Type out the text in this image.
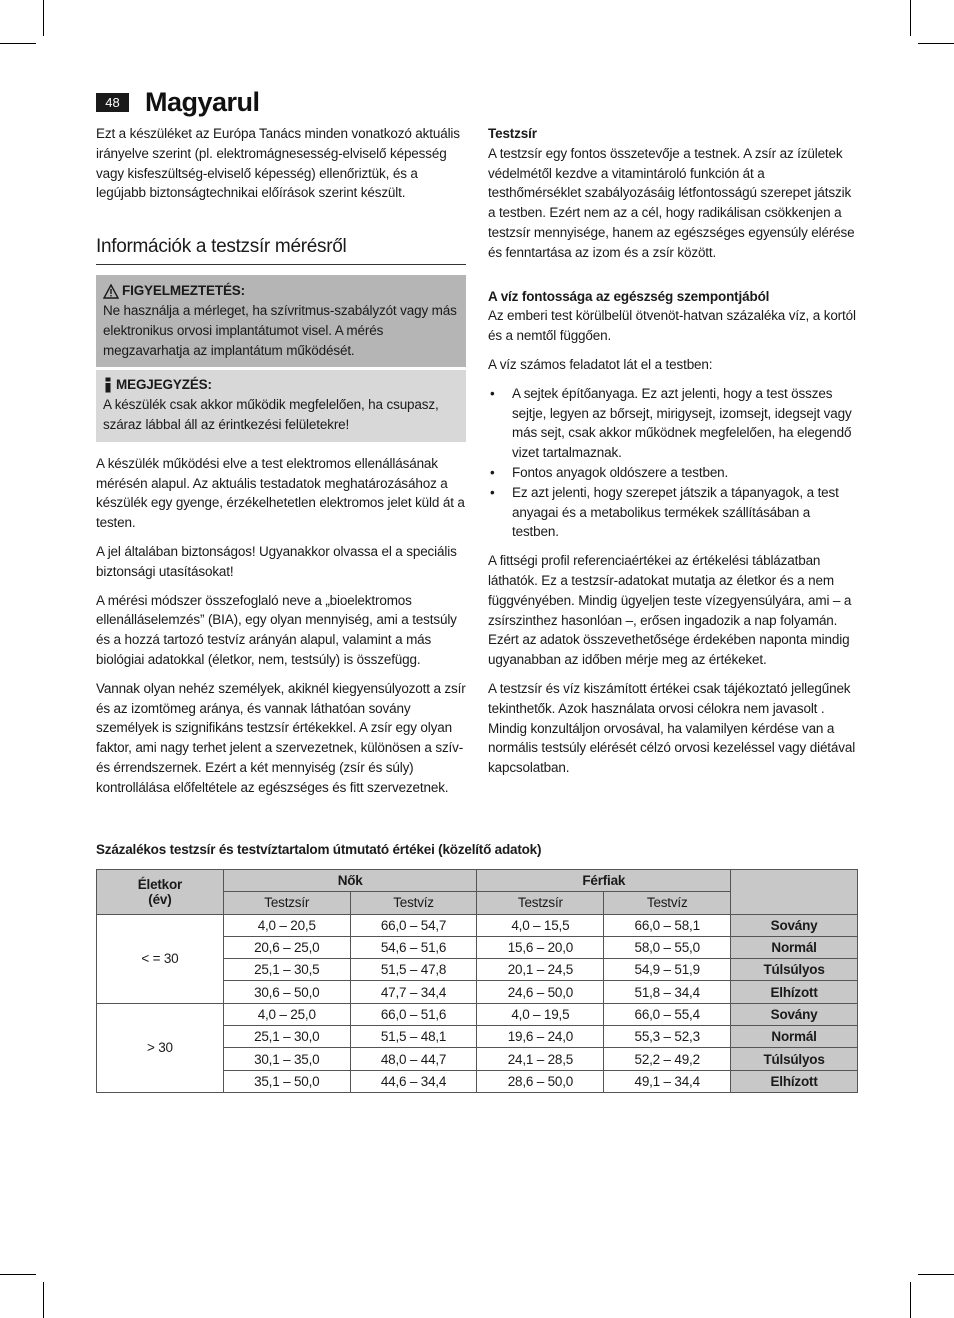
48 Magyarul

Ezt a készüléket az Európa Tanács minden vonatkozó aktuális irányelve szerint (pl. elektromágnesesség-elviselő képesség vagy kisfeszültség-elviselő képesség) ellenőriztük, és a legújabb biztonságtechnikai előírások szerint készült.

Információk a testzsír mérésről
FIGYELMEZTETÉS:
Ne használja a mérleget, ha szívritmus-szabályzót vagy más elektronikus orvosi implantátumot visel. A mérés megzavarhatja az implantátum működését.
MEGJEGYZÉS:
A készülék csak akkor működik megfelelően, ha csupasz, száraz lábbal áll az érintkezési felületekre!

A készülék működési elve a test elektromos ellenállásának mérésén alapul. Az aktuális testadatok meghatározásához a készülék egy gyenge, érzékelhetetlen elektromos jelet küld át a testen.

A jel általában biztonságos! Ugyanakkor olvassa el a speciális biztonsági utasításokat!

A mérési módszer összefoglaló neve a „bioelektromos ellenálláselemzés” (BIA), egy olyan mennyiség, ami a testsúly és a hozzá tartozó testvíz arányán alapul, valamint a más biológiai adatokkal (életkor, nem, testsúly) is összefügg.

Vannak olyan nehéz személyek, akiknél kiegyensúlyozott a zsír és az izomtömeg aránya, és vannak láthatóan sovány személyek is szignifikáns testzsír értékekkel. A zsír egy olyan faktor, ami nagy terhet jelent a szervezetnek, különösen a szív- és érrendszernek. Ezért a két mennyiség (zsír és súly) kontrollálása előfeltétele az egészséges és fitt szervezetnek.

Testzsír

A testzsír egy fontos összetevője a testnek. A zsír az ízületek védelmétől kezdve a vitamintároló funkción át a testhőmérséklet szabályozásáig létfontosságú szerepet játszik a testben. Ezért nem az a cél, hogy radikálisan csökkenjen a testzsír mennyisége, hanem az egészséges egyensúly elérése és fenntartása az izom és a zsír között.

A víz fontossága az egészség szempontjából

Az emberi test körülbelül ötvenöt-hatvan százaléka víz, a kortól és a nemtől függően.

A víz számos feladatot lát el a testben:

• A sejtek építőanyaga. Ez azt jelenti, hogy a test összes sejtje, legyen az bőrsejt, mirigysejt, izomsejt, idegsejt vagy más sejt, csak akkor működnek megfelelően, ha elegendő vizet tartalmaznak.
• Fontos anyagok oldószere a testben.
• Ez azt jelenti, hogy szerepet játszik a tápanyagok, a test anyagai és a metabolikus termékek szállításában a testben.

A fittségi profil referenciaértékei az értékelési táblázatban láthatók. Ez a testzsír-adatokat mutatja az életkor és a nem függvényében. Mindig ügyeljen teste vízegyensúlyára, ami – a zsírszinthez hasonlóan –, erősen ingadozik a nap folyamán. Ezért az adatok összevethetősége érdekében naponta mindig ugyanabban az időben mérje meg az értékeket.

A testzsír és víz kiszámított értékei csak tájékoztató jellegűnek tekinthetők. Azok használata orvosi célokra nem javasolt . Mindig konzultáljon orvosával, ha valamilyen kérdése van a normális testsúly elérését célzó orvosi kezeléssel vagy diétával kapcsolatban.

Százalékos testzsír és testvíztartalom útmutató értékei (közelítő adatok)
Életkor
(év)	Nők		Férfiak		
	Testzsír	Testvíz	Testzsír	Testvíz	
< = 30	4,0 – 20,5	66,0 – 54,7	4,0 – 15,5	66,0 – 58,1	Sovány
	20,6 – 25,0	54,6 – 51,6	15,6 – 20,0	58,0 – 55,0	Normál
	25,1 – 30,5	51,5 – 47,8	20,1 – 24,5	54,9 – 51,9	Túlsúlyos
	30,6 – 50,0	47,7 – 34,4	24,6 – 50,0	51,8 – 34,4	Elhízott
> 30	4,0 – 25,0	66,0 – 51,6	4,0 – 19,5	66,0 – 55,4	Sovány
	25,1 – 30,0	51,5 – 48,1	19,6 – 24,0	55,3 – 52,3	Normál
	30,1 – 35,0	48,0 – 44,7	24,1 – 28,5	52,2 – 49,2	Túlsúlyos
	35,1 – 50,0	44,6 – 34,4	28,6 – 50,0	49,1 – 34,4	Elhízott
